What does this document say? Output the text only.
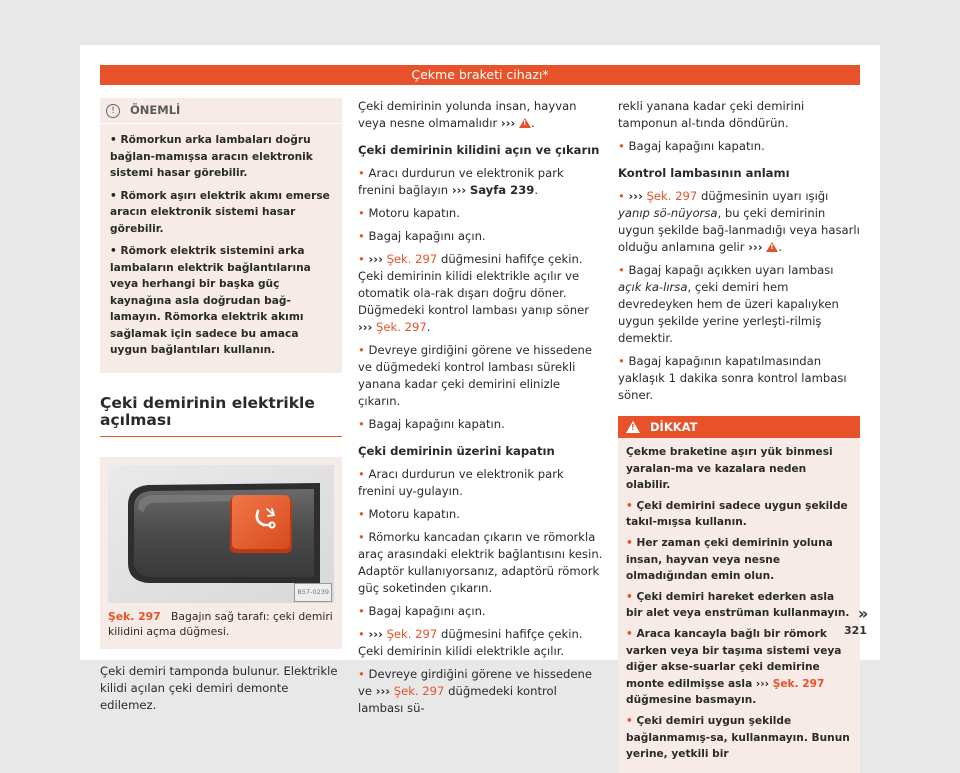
Çekme braketi cihazı*
!	ÖNEMLİ

• Römorkun arka lambaları doğru bağlan-mamışsa aracın elektronik sistemi hasar görebilir.

• Römork aşırı elektrik akımı emerse aracın elektronik sistemi hasar görebilir.

• Römork elektrik sistemini arka lambaların elektrik bağlantılarına veya herhangi bir başka güç kaynağına asla doğrudan bağ-lamayın. Römorka elektrik akımı sağlamak için sadece bu amaca uygun bağlantıları kullanın.

Çeki demirinin elektrikle açılması
B57-0239
Şek. 297 Bagajın sağ tarafı: çeki demiri kilidini açma düğmesi.

Çeki demiri tamponda bulunur. Elektrikle kilidi açılan çeki demiri demonte edilemez.

Çeki demirinin yolunda insan, hayvan veya nesne olmamalıdır ››› ! .

Çeki demirinin kilidini açın ve çıkarın

• Aracı durdurun ve elektronik park frenini bağlayın ››› Sayfa 239.

• Motoru kapatın.

• Bagaj kapağını açın.

• ››› Şek. 297 düğmesini hafifçe çekin. Çeki demirinin kilidi elektrikle açılır ve otomatik ola-rak dışarı doğru döner. Düğmedeki kontrol lambası yanıp söner ››› Şek. 297.

• Devreye girdiğini görene ve hissedene ve düğmedeki kontrol lambası sürekli yanana kadar çeki demirini elinizle çıkarın.

• Bagaj kapağını kapatın.

Çeki demirinin üzerini kapatın

• Aracı durdurun ve elektronik park frenini uy-gulayın.

• Motoru kapatın.

• Römorku kancadan çıkarın ve römorkla araç arasındaki elektrik bağlantısını kesin. Adaptör kullanıyorsanız, adaptörü römork güç soketinden çıkarın.

• Bagaj kapağını açın.

• ››› Şek. 297 düğmesini hafifçe çekin. Çeki demirinin kilidi elektrikle açılır.

• Devreye girdiğini görene ve hissedene ve ››› Şek. 297 düğmedeki kontrol lambası sü-

rekli yanana kadar çeki demirini tamponun al-tında döndürün.

• Bagaj kapağını kapatın.

Kontrol lambasının anlamı

• ››› Şek. 297 düğmesinin uyarı ışığı yanıp sö-nüyorsa, bu çeki demirinin uygun şekilde bağ-lanmadığı veya hasarlı olduğu anlamına gelir ››› ! .

• Bagaj kapağı açıkken uyarı lambası açık ka-lırsa, çeki demiri hem devredeyken hem de üzeri kapalıyken uygun şekilde yerine yerleşti-rilmiş demektir.

• Bagaj kapağının kapatılmasından yaklaşık 1 dakika sonra kontrol lambası söner.

!
DİKKAT

Çekme braketine aşırı yük binmesi yaralan-ma ve kazalara neden olabilir.

• Çeki demirini sadece uygun şekilde takıl-mışsa kullanın.

• Her zaman çeki demirinin yoluna insan, hayvan veya nesne olmadığından emin olun.

• Çeki demiri hareket ederken asla bir alet veya enstrüman kullanmayın.

• Araca kancayla bağlı bir römork varken veya bir taşıma sistemi veya diğer akse-suarlar çeki demirine monte edilmişse asla ››› Şek. 297 düğmesine basmayın.

• Çeki demiri uygun şekilde bağlanmamış-sa, kullanmayın. Bunun yerine, yetkili bir

»
321
